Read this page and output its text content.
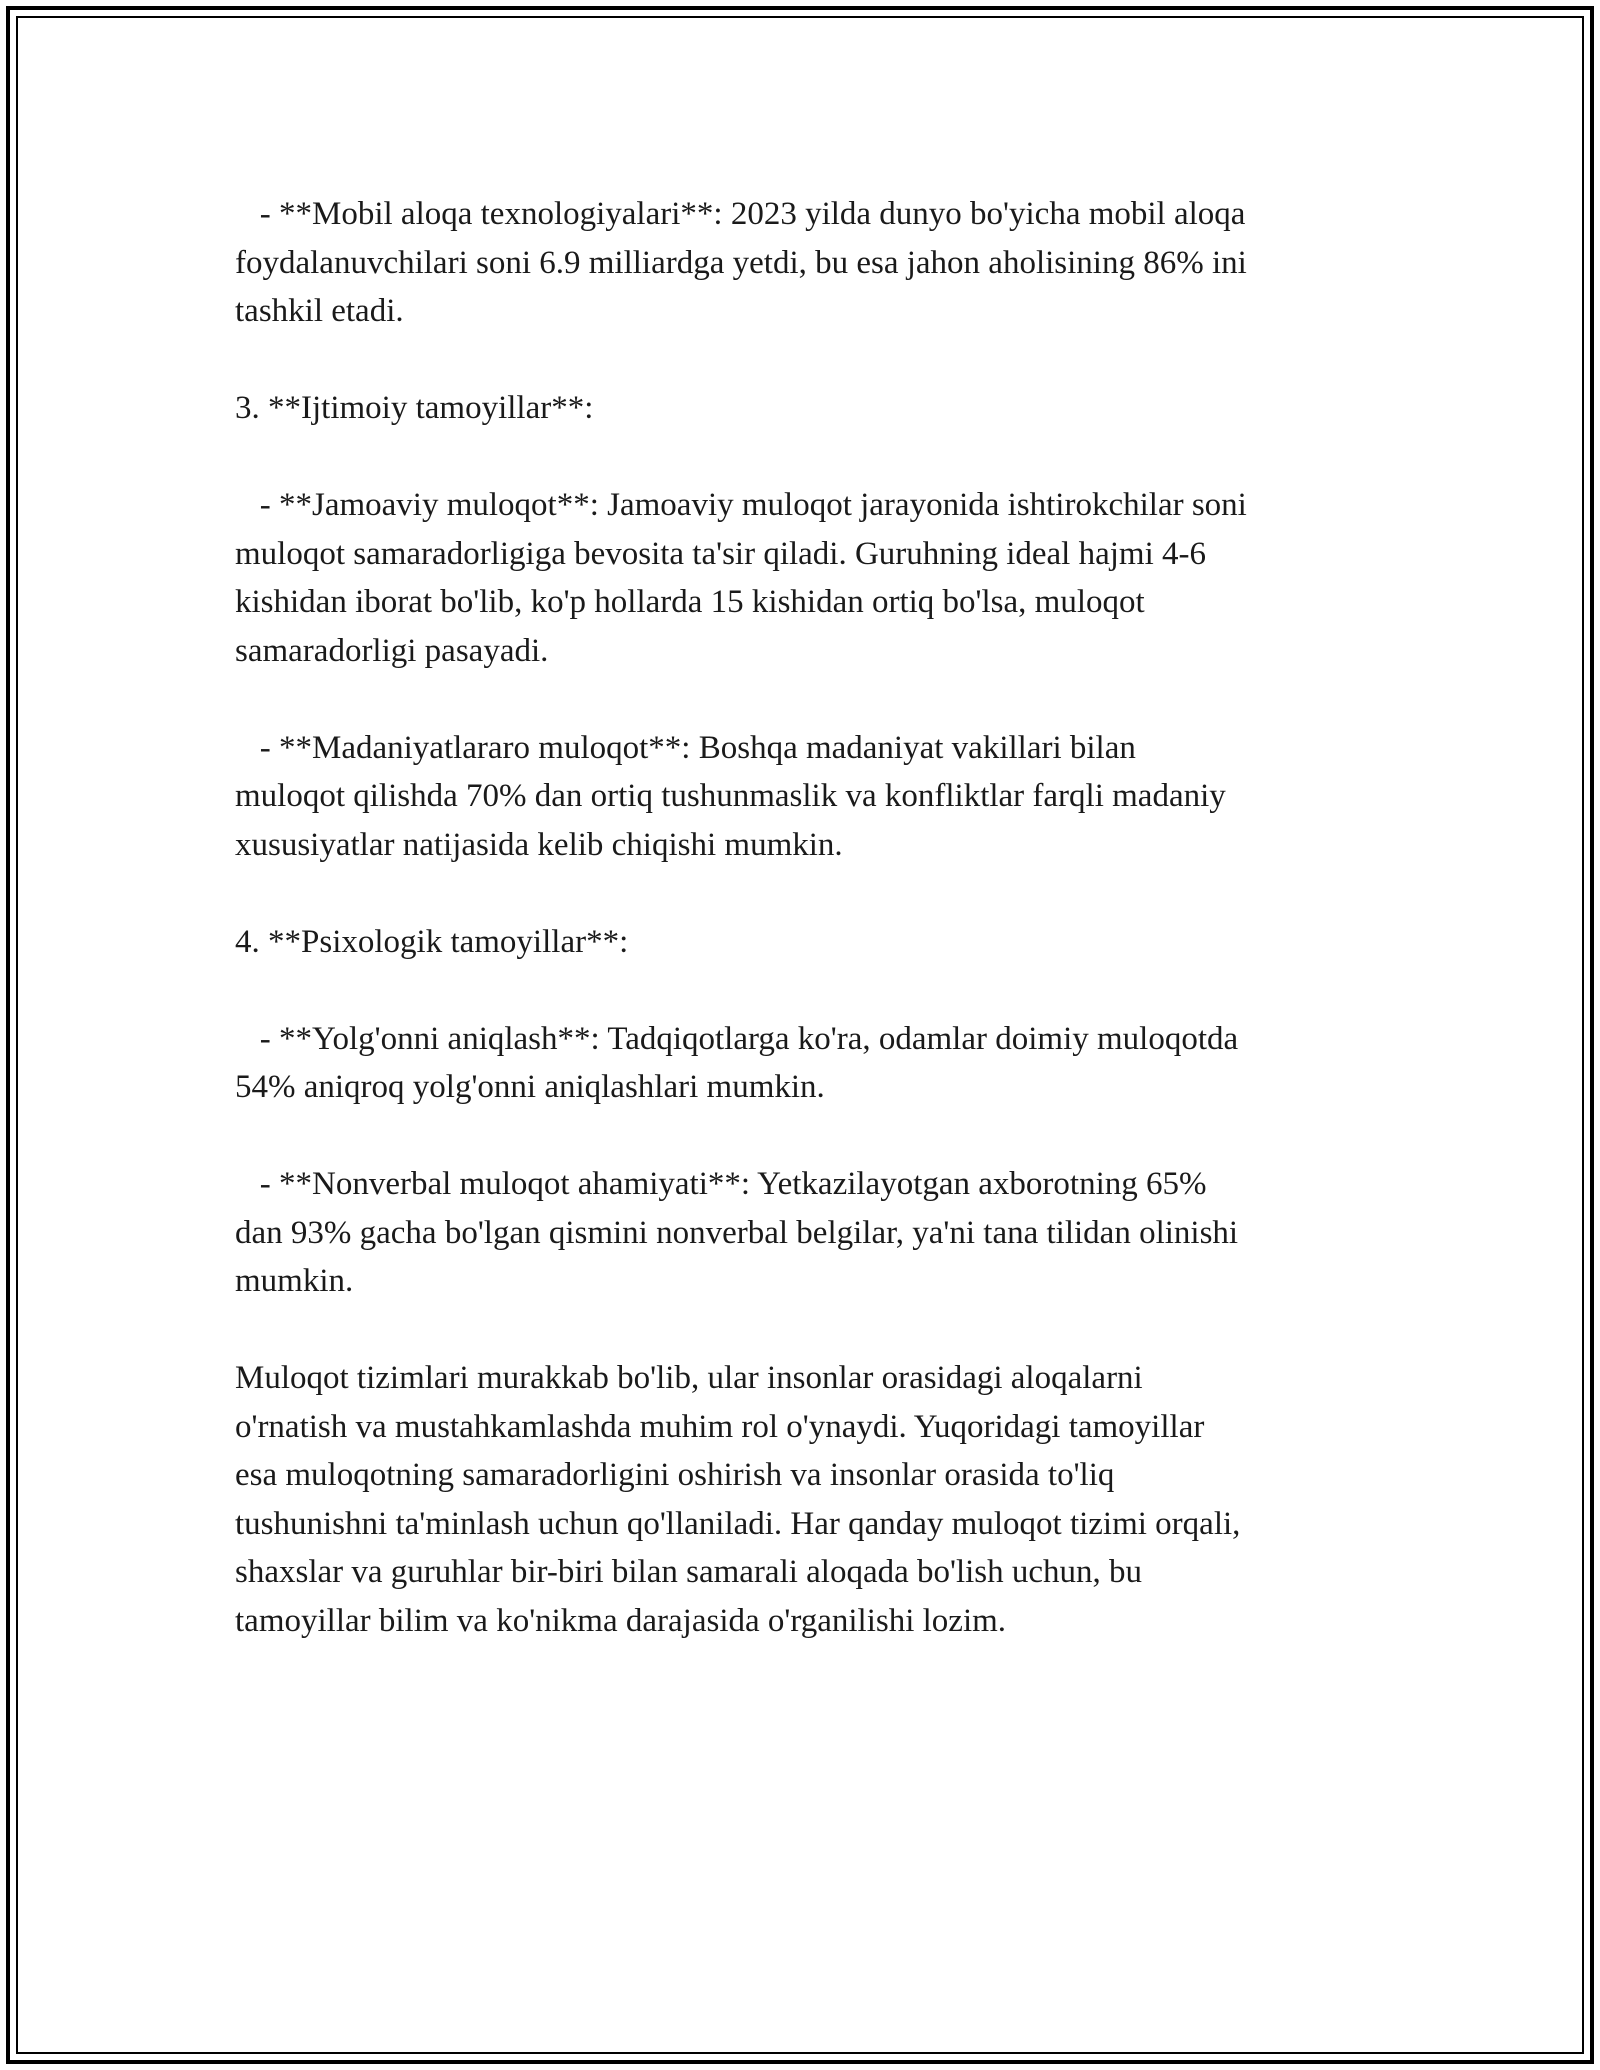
- **Mobil aloqa texnologiyalari**: 2023 yilda dunyo bo'yicha mobil aloqa
foydalanuvchilari soni 6.9 milliardga yetdi, bu esa jahon aholisining 86% ini
tashkil etadi.

3. **Ijtimoiy tamoyillar**:

- **Jamoaviy muloqot**: Jamoaviy muloqot jarayonida ishtirokchilar soni
muloqot samaradorligiga bevosita ta'sir qiladi. Guruhning ideal hajmi 4-6
kishidan iborat bo'lib, ko'p hollarda 15 kishidan ortiq bo'lsa, muloqot
samaradorligi pasayadi.

- **Madaniyatlararo muloqot**: Boshqa madaniyat vakillari bilan
muloqot qilishda 70% dan ortiq tushunmaslik va konfliktlar farqli madaniy
xususiyatlar natijasida kelib chiqishi mumkin.

4. **Psixologik tamoyillar**:

- **Yolg'onni aniqlash**: Tadqiqotlarga ko'ra, odamlar doimiy muloqotda
54% aniqroq yolg'onni aniqlashlari mumkin.

- **Nonverbal muloqot ahamiyati**: Yetkazilayotgan axborotning 65%
dan 93% gacha bo'lgan qismini nonverbal belgilar, ya'ni tana tilidan olinishi
mumkin.

Muloqot tizimlari murakkab bo'lib, ular insonlar orasidagi aloqalarni
o'rnatish va mustahkamlashda muhim rol o'ynaydi. Yuqoridagi tamoyillar
esa muloqotning samaradorligini oshirish va insonlar orasida to'liq
tushunishni ta'minlash uchun qo'llaniladi. Har qanday muloqot tizimi orqali,
shaxslar va guruhlar bir-biri bilan samarali aloqada bo'lish uchun, bu
tamoyillar bilim va ko'nikma darajasida o'rganilishi lozim.
